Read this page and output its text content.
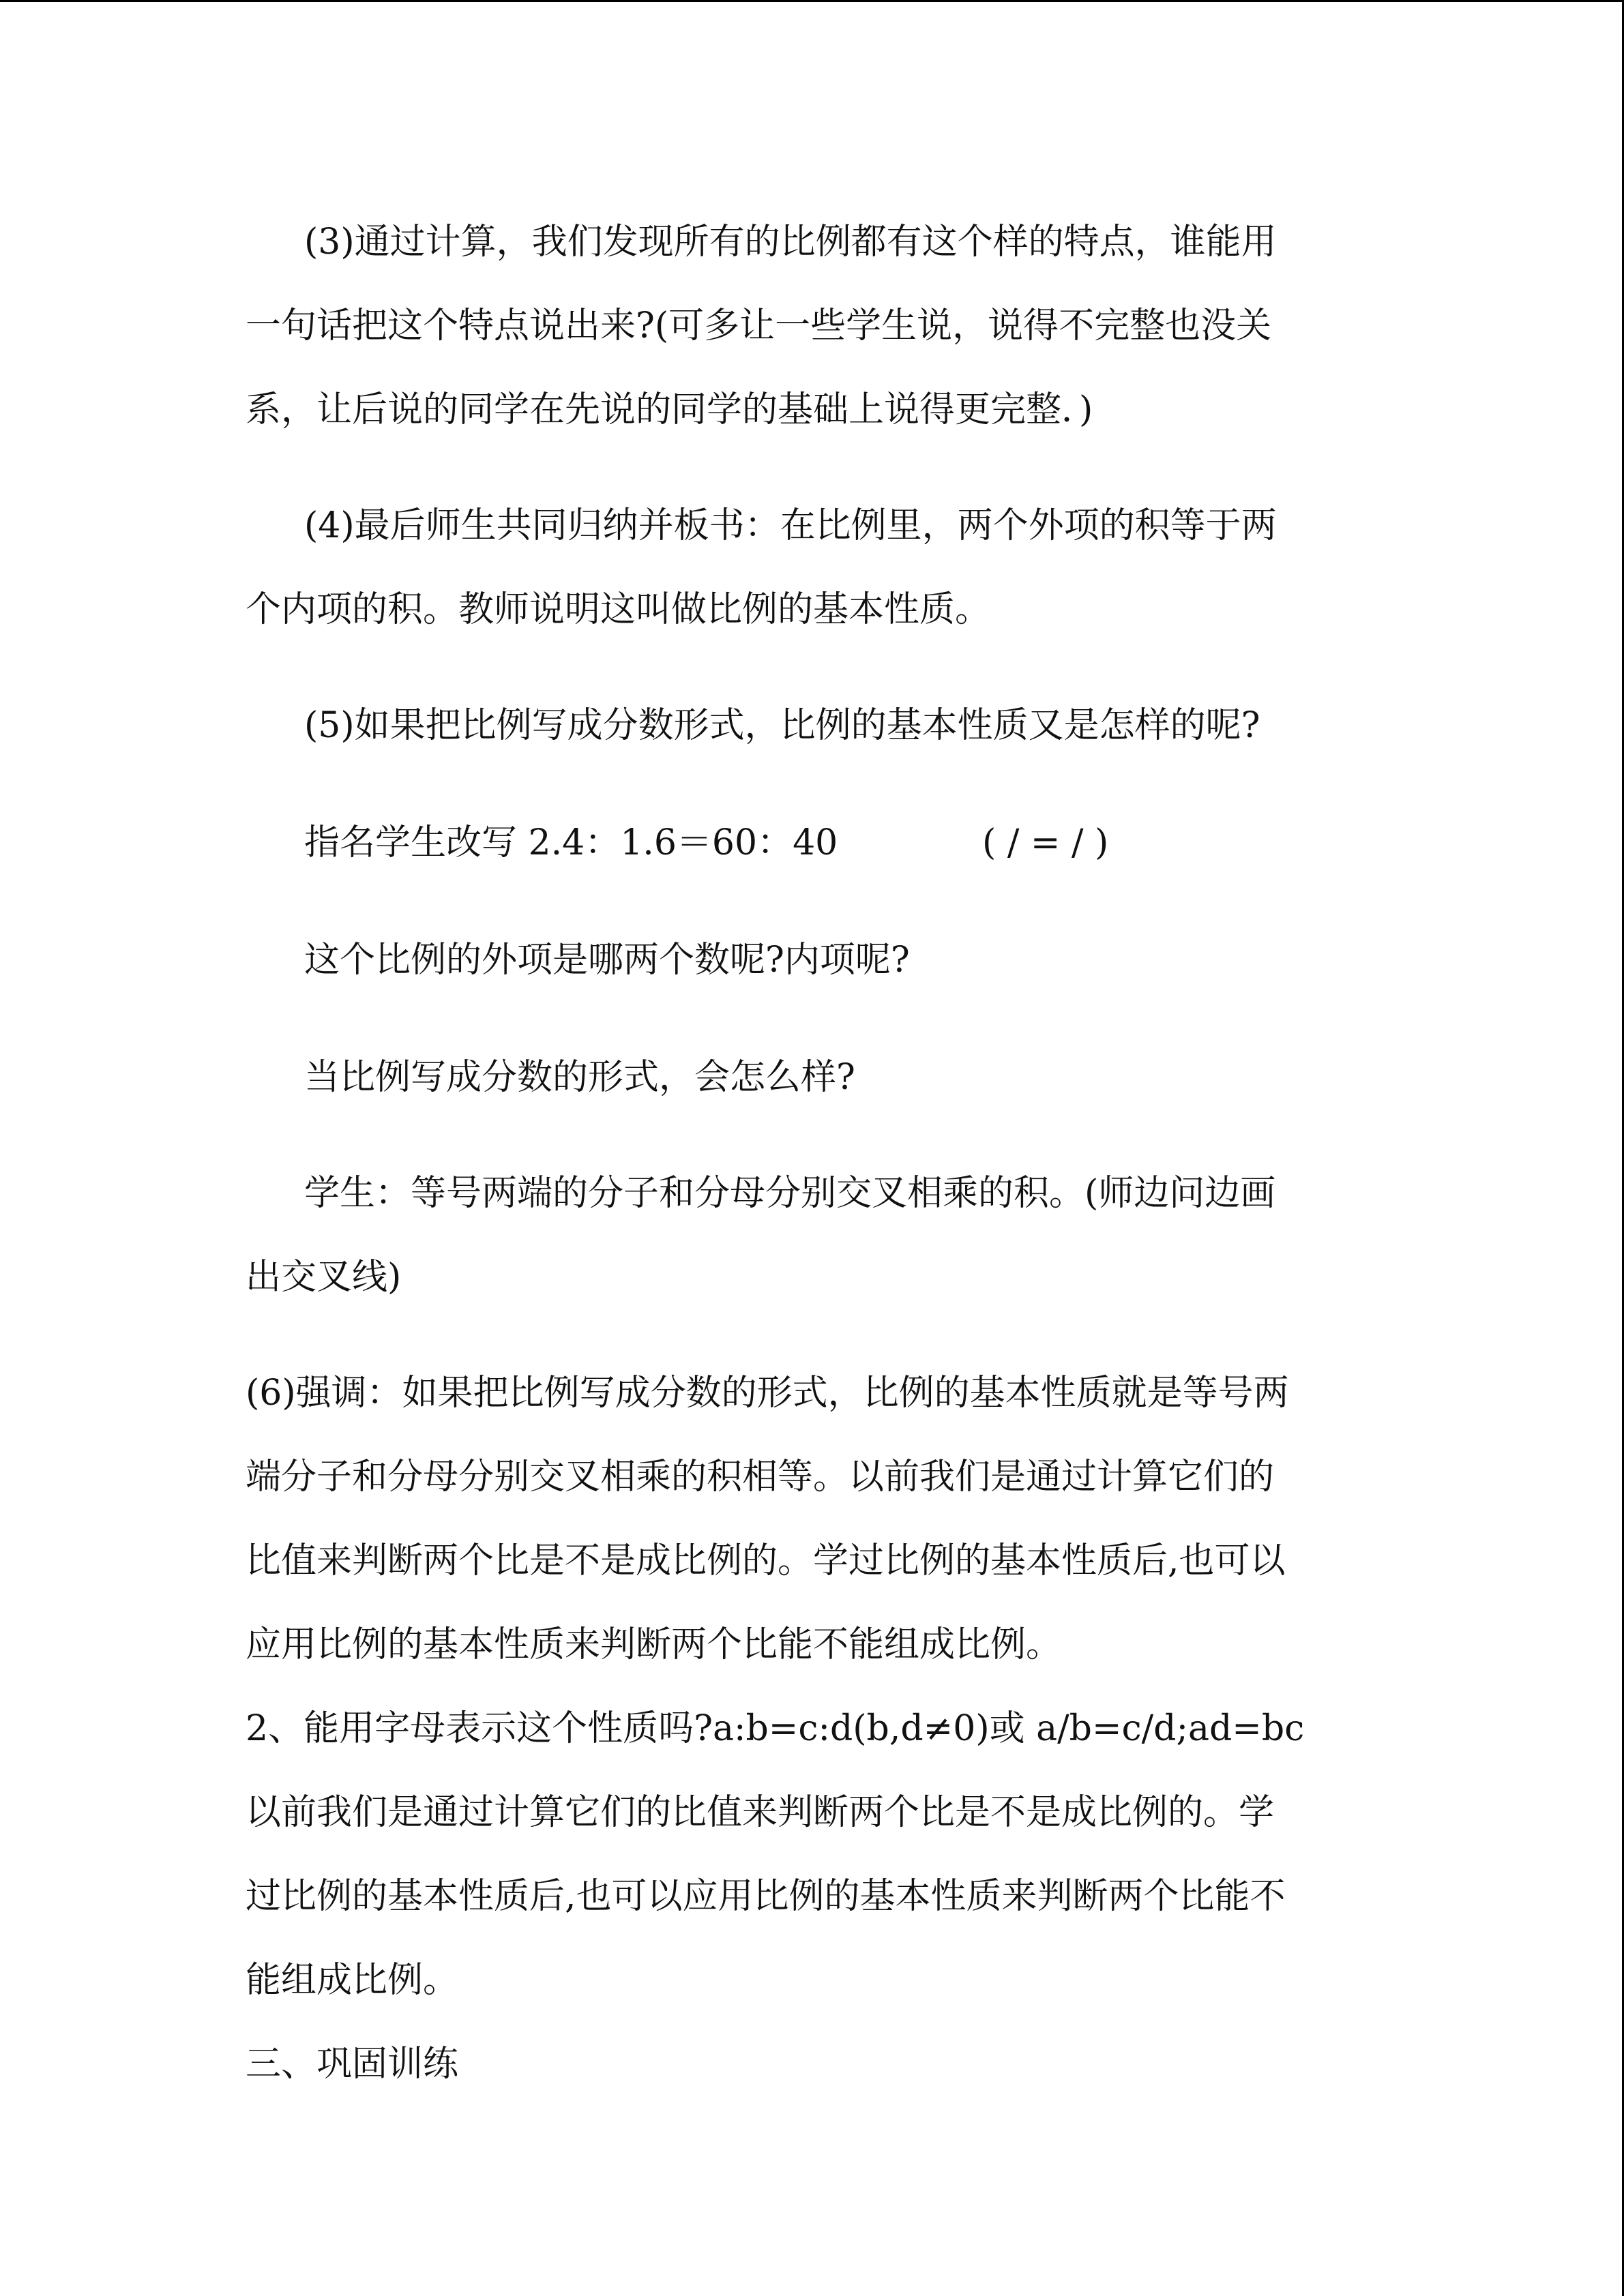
(3)通过计算，我们发现所有的比例都有这个样的特点，谁能用
一句话把这个特点说出来?(可多让一些学生说，说得不完整也没关
系，让后说的同学在先说的同学的基础上说得更完整．)
(4)最后师生共同归纳并板书：在比例里，两个外项的积等于两
个内项的积。教师说明这叫做比例的基本性质。
(5)如果把比例写成分数形式，比例的基本性质又是怎样的呢?
指名学生改写 2.4：1.6＝60：40	( / = / )
这个比例的外项是哪两个数呢?内项呢?
当比例写成分数的形式，会怎么样?
学生：等号两端的分子和分母分别交叉相乘的积。(师边问边画
出交叉线)
(6)强调：如果把比例写成分数的形式，比例的基本性质就是等号两
端分子和分母分别交叉相乘的积相等。以前我们是通过计算它们的
比值来判断两个比是不是成比例的。学过比例的基本性质后,也可以
应用比例的基本性质来判断两个比能不能组成比例。
2、能用字母表示这个性质吗?a:b=c:d(b,d≠0)或 a/b=c/d;ad=bc
以前我们是通过计算它们的比值来判断两个比是不是成比例的。学
过比例的基本性质后,也可以应用比例的基本性质来判断两个比能不
能组成比例。
三、巩固训练
